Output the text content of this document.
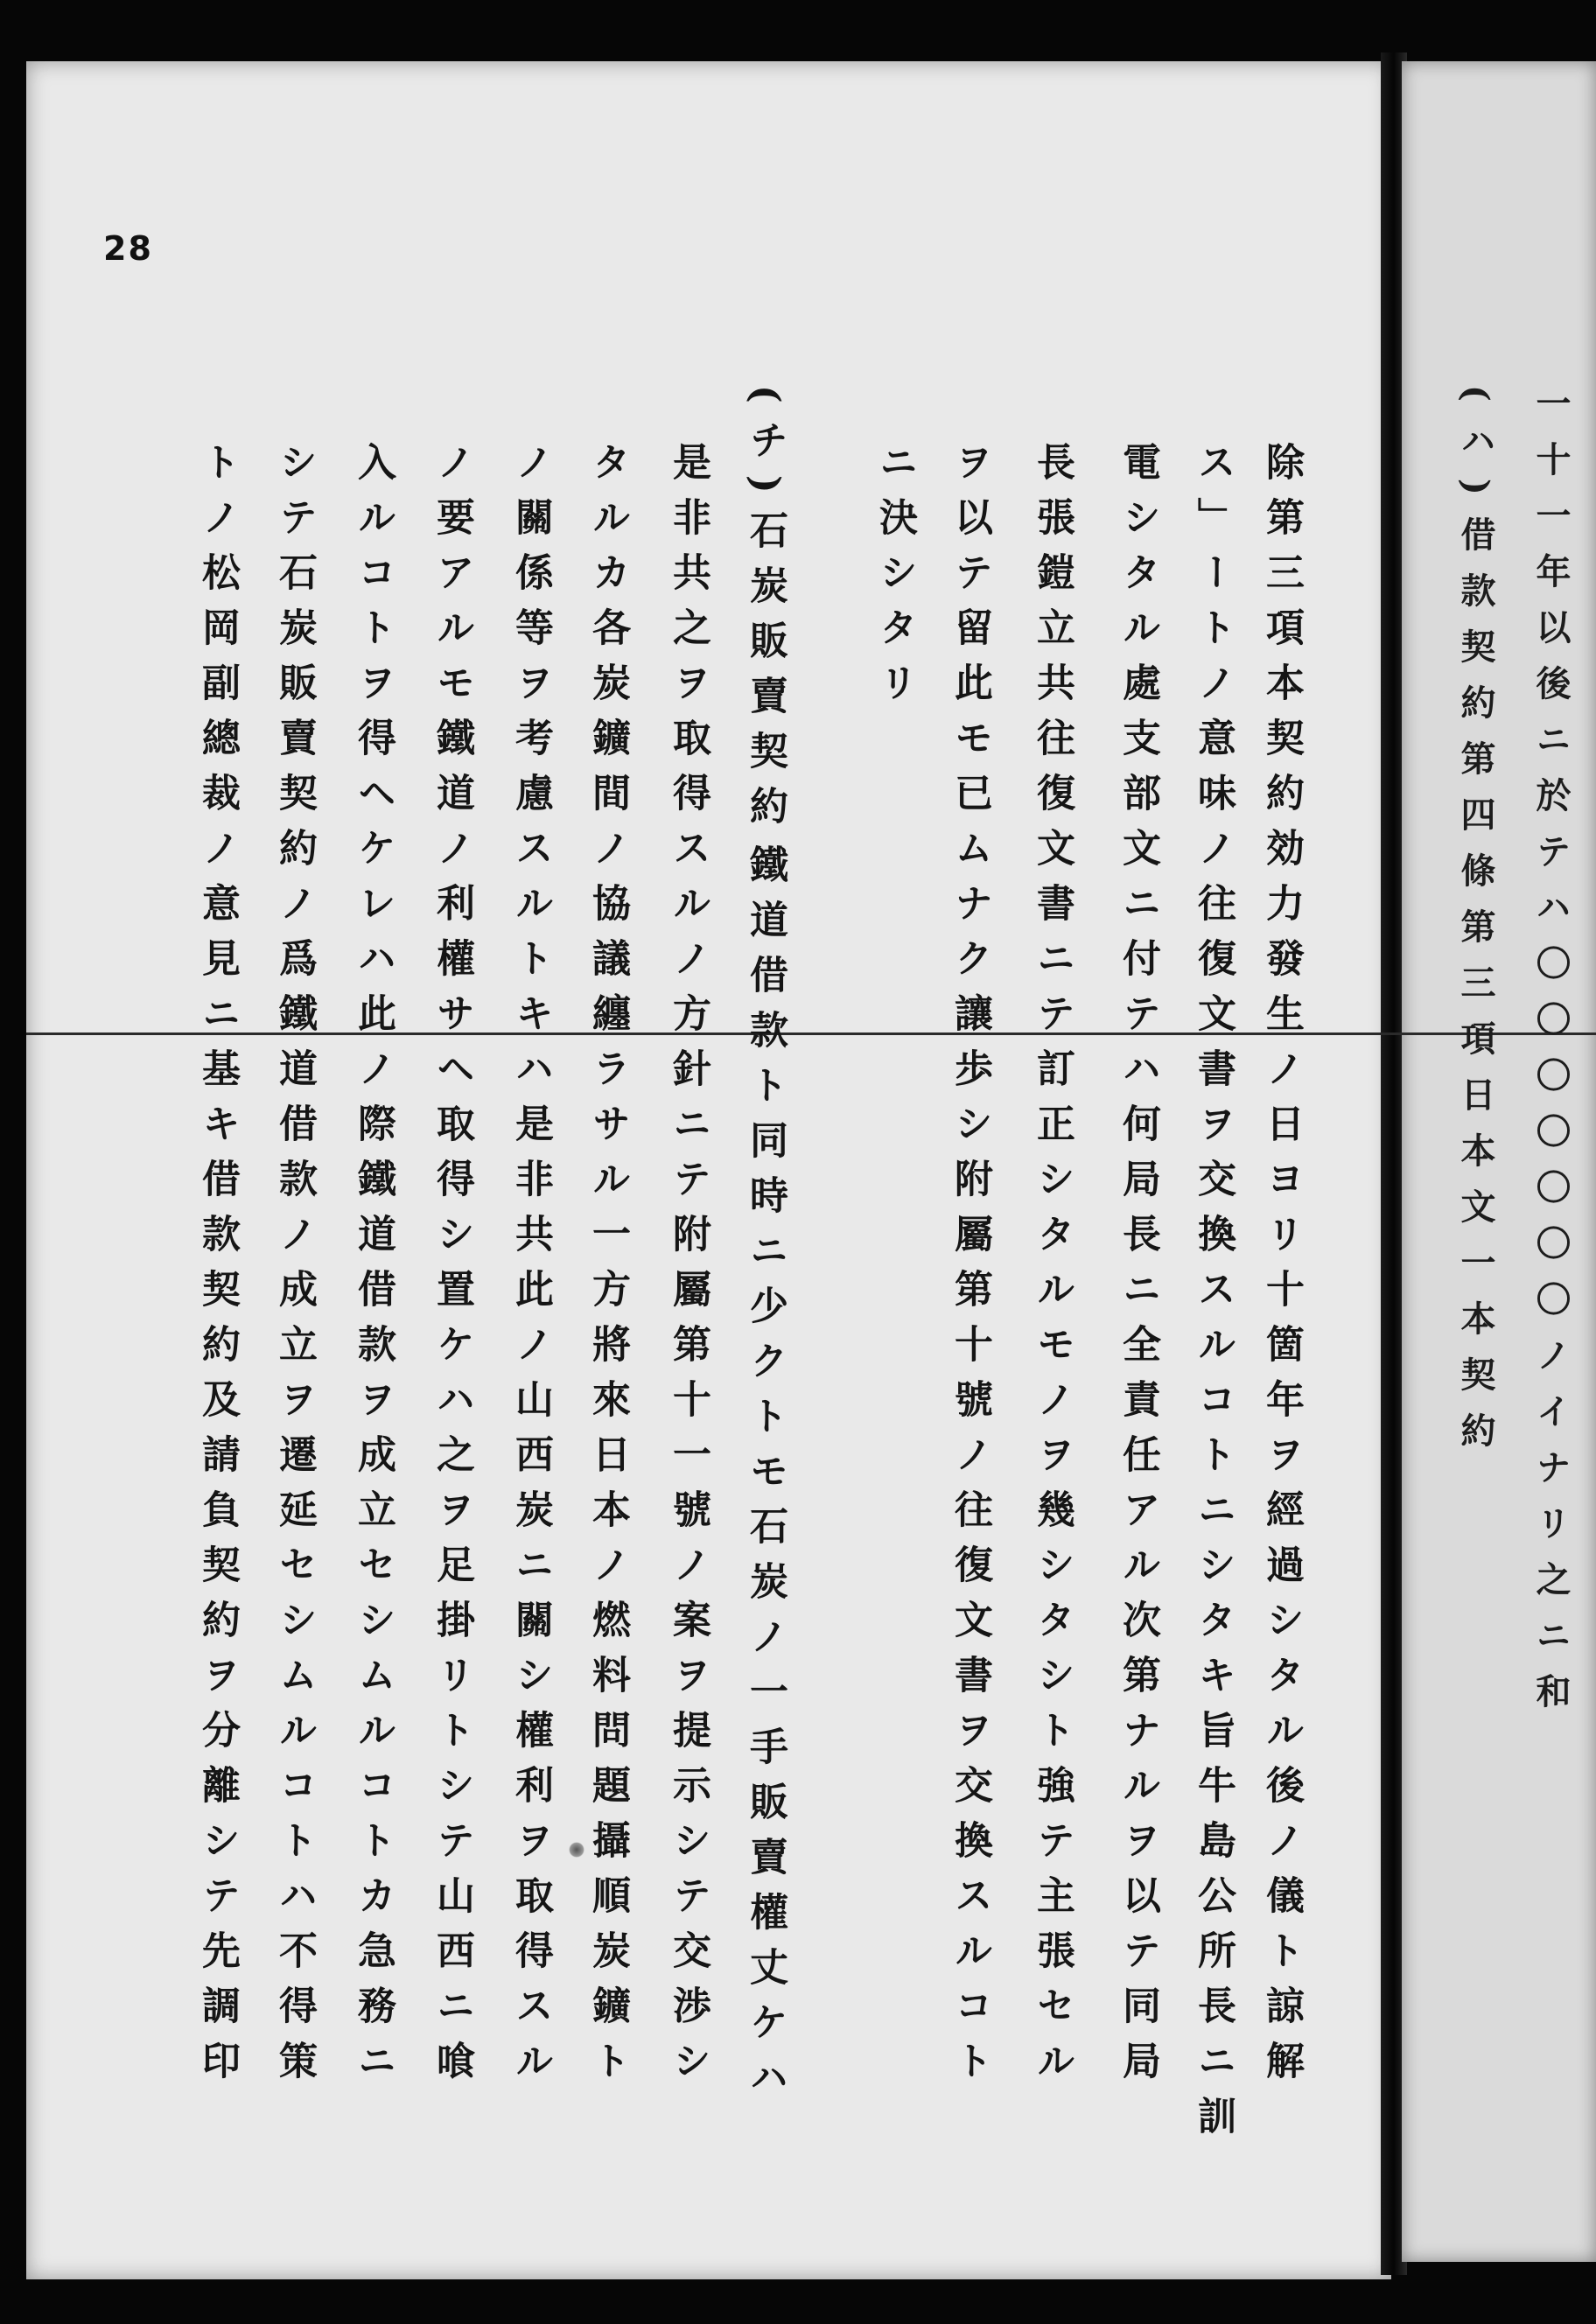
28
除第三項本契約効力發生ノ日ヨリ十箇年ヲ經過シタル後ノ儀ト諒解
ス」ートノ意味ノ往復文書ヲ交換スルコトニシタキ旨牛島公所長ニ訓
電シタル處支部文ニ付テハ何局長ニ全責任アル次第ナルヲ以テ同局
長張鎧立共往復文書ニテ訂正シタルモノヲ幾シタシト強テ主張セル
ヲ以テ留此モ已ムナク讓歩シ附屬第十號ノ往復文書ヲ交換スルコト
ニ決シタリ
(チ)石炭販賣契約
鐵道借款ト同時ニ少クトモ石炭ノ一手販賣權丈ケハ
是非共之ヲ取得スルノ方針ニテ附屬第十一號ノ案ヲ提示シテ交渉シ
タルカ各炭鑛間ノ協議纏ラサル一方將來日本ノ燃料問題攝順炭鑛ト
ノ關係等ヲ考慮スルトキハ是非共此ノ山西炭ニ關シ權利ヲ取得スル
ノ要アルモ鐵道ノ利權サヘ取得シ置ケハ之ヲ足掛リトシテ山西ニ喰
入ルコトヲ得ヘケレハ此ノ際鐵道借款ヲ成立セシムルコトカ急務ニ
シテ石炭販賣契約ノ爲鐵道借款ノ成立ヲ遷延セシムルコトハ不得策
トノ松岡副總裁ノ意見ニ基キ借款契約及請負契約ヲ分離シテ先調印	(ハ)借款契約第四條第三項日本文一本契約 一十一年以後ニ於テハ〇〇〇〇〇〇〇ノイナリ之ニ和
